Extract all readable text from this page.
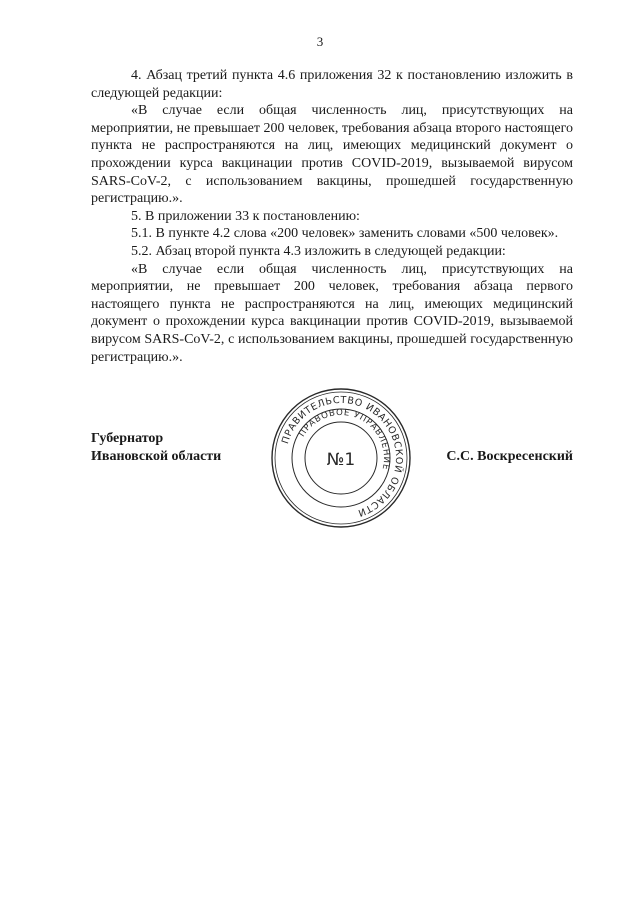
3

4. Абзац третий пункта 4.6 приложения 32 к постановлению изложить в следующей редакции:

«В случае если общая численность лиц, присутствующих на мероприятии, не превышает 200 человек, требования абзаца второго настоящего пункта не распространяются на лиц, имеющих медицинский документ о прохождении курса вакцинации против COVID-2019, вызываемой вирусом SARS-CoV-2, с использованием вакцины, прошедшей государственную регистрацию.».

5. В приложении 33 к постановлению:

5.1. В пункте 4.2 слова «200 человек» заменить словами «500 человек».

5.2. Абзац второй пункта 4.3 изложить в следующей редакции:

«В случае если общая численность лиц, присутствующих на мероприятии, не превышает 200 человек, требования абзаца первого настоящего пункта не распространяются на лиц, имеющих медицинский документ о прохождении курса вакцинации против COVID-2019, вызываемой вирусом SARS-CoV-2, с использованием вакцины, прошедшей государственную регистрацию.».

Губернатор
Ивановской области
ПРАВИТЕЛЬСТВО ИВАНОВСКОЙ ОБЛАСТИ
ПРАВОВОЕ УПРАВЛЕНИЕ
№1	С.С. Воскресенский
